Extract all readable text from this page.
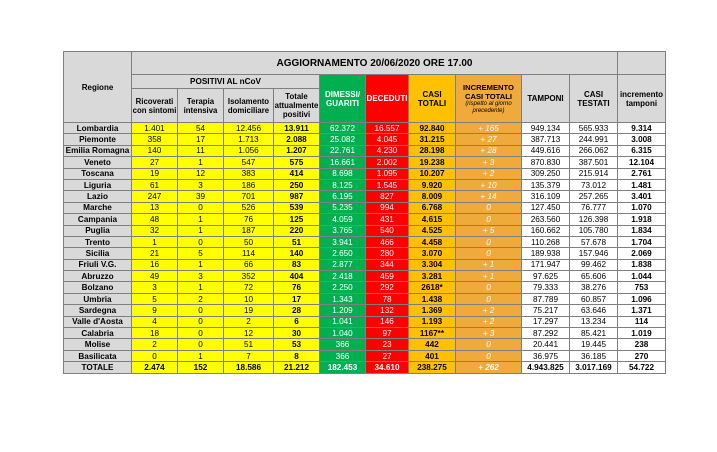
Regione	AGGIORNAMENTO 20/06/2020 ORE 17.00										
	POSITIVI AL nCoV				DIMESSI/ GUARITI	DECEDUTI	CASI TOTALI	INCREMENTO CASI TOTALI
(rispetto al giorno precedente)	TAMPONI	CASI TESTATI	incremento tamponi
	Ricoverati con sintomi	Terapia intensiva	Isolamento domiciliare	Totale attualmente positivi							
Lombardia	1.401	54	12.456	13.911	62.372	16.557	92.840	+ 165	949.134	565.933	9.314
Piemonte	358	17	1.713	2.088	25.082	4.045	31.215	+ 27	387.713	244.991	3.008
Emilia Romagna	140	11	1.056	1.207	22.761	4.230	28.198	+ 28	449.616	266.062	6.315
Veneto	27	1	547	575	16.661	2.002	19.238	+ 3	870.830	387.501	12.104
Toscana	19	12	383	414	8.698	1.095	10.207	+ 2	309.250	215.914	2.761
Liguria	61	3	186	250	8.125	1.545	9.920	+ 10	135.379	73.012	1.481
Lazio	247	39	701	987	6.195	827	8.009	+ 14	316.109	257.265	3.401
Marche	13	0	526	539	5.235	994	6.768	0	127.450	76.777	1.070
Campania	48	1	76	125	4.059	431	4.615	0	263.560	126.398	1.918
Puglia	32	1	187	220	3.765	540	4.525	+ 5	160.662	105.780	1.834
Trento	1	0	50	51	3.941	466	4.458	0	110.268	57.678	1.704
Sicilia	21	5	114	140	2.650	280	3.070	0	189.938	157.946	2.069
Friuli V.G.	16	1	66	83	2.877	344	3.304	+ 1	171.947	99.462	1.838
Abruzzo	49	3	352	404	2.418	459	3.281	+ 1	97.625	65.606	1.044
Bolzano	3	1	72	76	2.250	292	2618*	0	79.333	38.276	753
Umbria	5	2	10	17	1.343	78	1.438	0	87.789	60.857	1.096
Sardegna	9	0	19	28	1.209	132	1.369	+ 2	75.217	63.646	1.371
Valle d'Aosta	4	0	2	6	1.041	146	1.193	+ 2	17.297	13.234	114
Calabria	18	0	12	30	1.040	97	1167**	+ 3	87.292	85.421	1.019
Molise	2	0	51	53	366	23	442	0	20.441	19.445	238
Basilicata	0	1	7	8	366	27	401	0	36.975	36.185	270
TOTALE	2.474	152	18.586	21.212	182.453	34.610	238.275	+ 262	4.943.825	3.017.169	54.722
